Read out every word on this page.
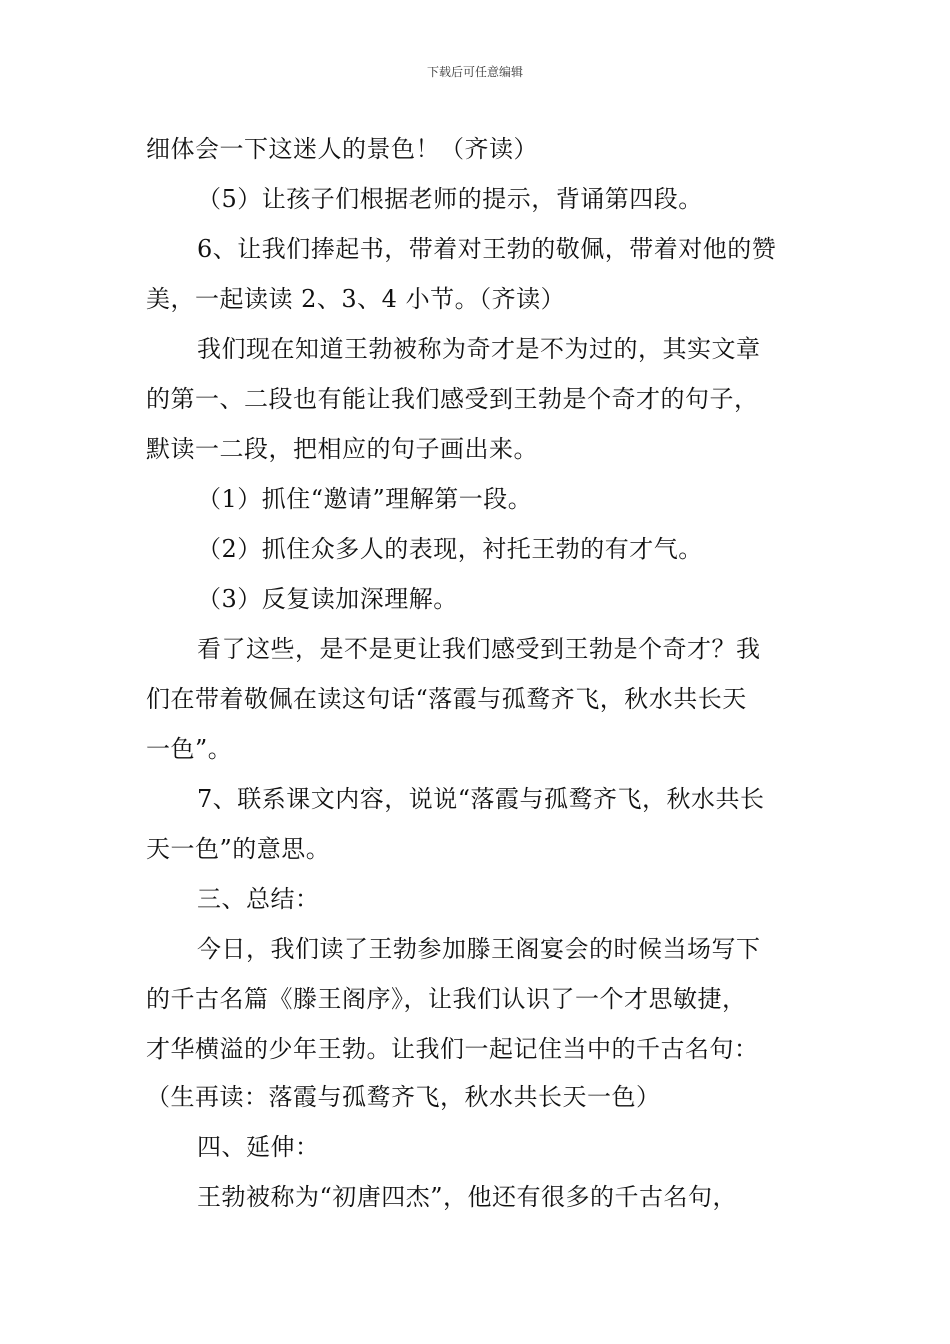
下载后可任意编辑
细体会一下这迷人的景色！（齐读）
（5）让孩子们根据老师的提示，背诵第四段。
6、让我们捧起书，带着对王勃的敬佩，带着对他的赞
美，一起读读 2、3、4 小节。（齐读）
我们现在知道王勃被称为奇才是不为过的，其实文章
的第一、二段也有能让我们感受到王勃是个奇才的句子，
默读一二段，把相应的句子画出来。
（1）抓住“邀请”理解第一段。
（2）抓住众多人的表现，衬托王勃的有才气。
（3）反复读加深理解。
看了这些，是不是更让我们感受到王勃是个奇才？我
们在带着敬佩在读这句话“落霞与孤鹜齐飞，秋水共长天
一色”。
7、联系课文内容，说说“落霞与孤鹜齐飞，秋水共长
天一色”的意思。
三、总结：
今日，我们读了王勃参加滕王阁宴会的时候当场写下
的千古名篇《滕王阁序》，让我们认识了一个才思敏捷，
才华横溢的少年王勃。让我们一起记住当中的千古名句：
（生再读：落霞与孤鹜齐飞，秋水共长天一色）
四、延伸：
王勃被称为“初唐四杰”，他还有很多的千古名句，
